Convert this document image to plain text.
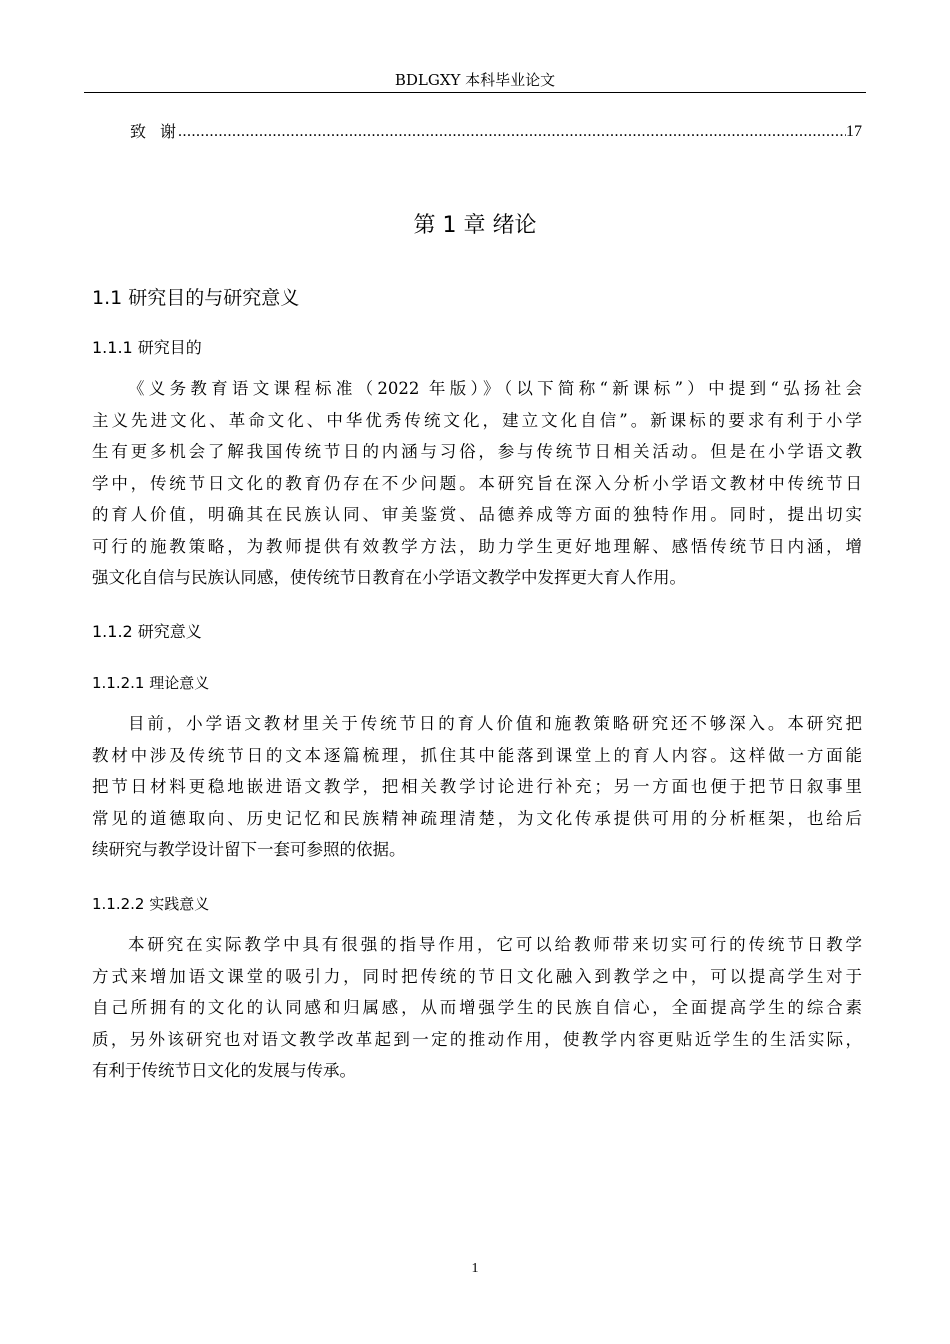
BDLGXY 本科毕业论文
致谢
.....	17
第 1 章 绪论
1.1 研究目的与研究意义
1.1.1 研究目的
《义务教育语文课程标准（2022 年版）》（以下简称“新课标”）中提到“弘扬社会
主义先进文化、革命文化、中华优秀传统文化，建立文化自信”。新课标的要求有利于小学
生有更多机会了解我国传统节日的内涵与习俗，参与传统节日相关活动。但是在小学语文教
学中，传统节日文化的教育仍存在不少问题。本研究旨在深入分析小学语文教材中传统节日
的育人价值，明确其在民族认同、审美鉴赏、品德养成等方面的独特作用。同时，提出切实
可行的施教策略，为教师提供有效教学方法，助力学生更好地理解、感悟传统节日内涵，增
强文化自信与民族认同感，使传统节日教育在小学语文教学中发挥更大育人作用。
1.1.2 研究意义
1.1.2.1 理论意义
目前，小学语文教材里关于传统节日的育人价值和施教策略研究还不够深入。本研究把
教材中涉及传统节日的文本逐篇梳理，抓住其中能落到课堂上的育人内容。这样做一方面能
把节日材料更稳地嵌进语文教学，把相关教学讨论进行补充；另一方面也便于把节日叙事里
常见的道德取向、历史记忆和民族精神疏理清楚，为文化传承提供可用的分析框架，也给后
续研究与教学设计留下一套可参照的依据。
1.1.2.2 实践意义
本研究在实际教学中具有很强的指导作用，它可以给教师带来切实可行的传统节日教学
方式来增加语文课堂的吸引力，同时把传统的节日文化融入到教学之中，可以提高学生对于
自己所拥有的文化的认同感和归属感，从而增强学生的民族自信心，全面提高学生的综合素
质，另外该研究也对语文教学改革起到一定的推动作用，使教学内容更贴近学生的生活实际，
有利于传统节日文化的发展与传承。
1
